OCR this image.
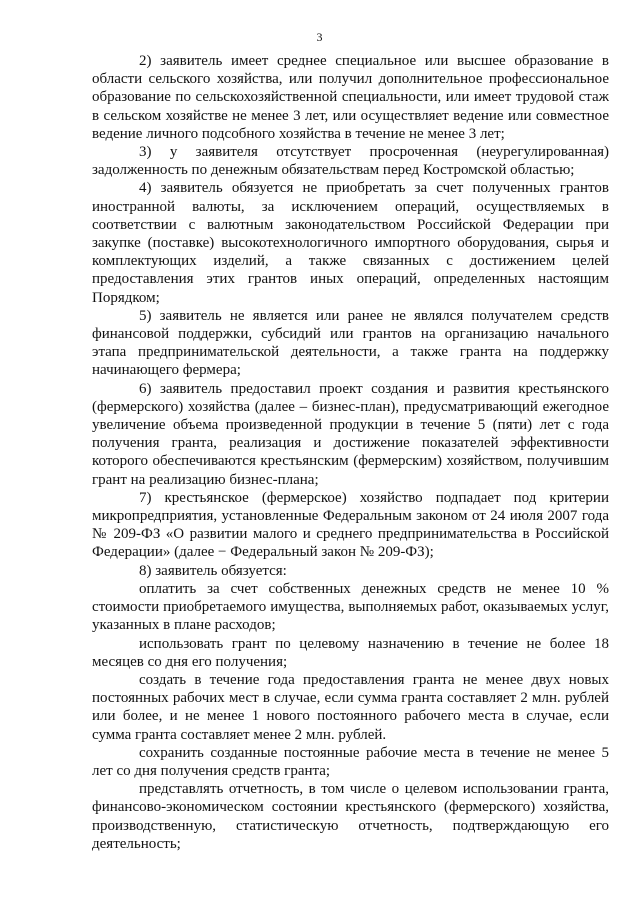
3

2) заявитель имеет среднее специальное или высшее образование в области сельского хозяйства, или получил дополнительное профессиональное образование по сельскохозяйственной специальности, или имеет трудовой стаж в сельском хозяйстве не менее 3 лет, или осуществляет ведение или совместное ведение личного подсобного хозяйства в течение не менее 3 лет;

3) у заявителя отсутствует просроченная (неурегулированная) задолженность по денежным обязательствам перед Костромской областью;

4) заявитель обязуется не приобретать за счет полученных грантов иностранной валюты, за исключением операций, осуществляемых в соответствии с валютным законодательством Российской Федерации при закупке (поставке) высокотехнологичного импортного оборудования, сырья и комплектующих изделий, а также связанных с достижением целей предоставления этих грантов иных операций, определенных настоящим Порядком;

5) заявитель не является или ранее не являлся получателем средств финансовой поддержки, субсидий или грантов на организацию начального этапа предпринимательской деятельности, а также гранта на поддержку начинающего фермера;

6) заявитель предоставил проект создания и развития крестьянского (фермерского) хозяйства (далее – бизнес-план), предусматривающий ежегодное увеличение объема произведенной продукции в течение 5 (пяти) лет с года получения гранта, реализация и достижение показателей эффективности которого обеспечиваются крестьянским (фермерским) хозяйством, получившим грант на реализацию бизнес-плана;

7) крестьянское (фермерское) хозяйство подпадает под критерии микропредприятия, установленные Федеральным законом от 24 июля 2007 года № 209-ФЗ «О развитии малого и среднего предпринимательства в Российской Федерации» (далее − Федеральный закон № 209-ФЗ);

8) заявитель обязуется:

оплатить за счет собственных денежных средств не менее 10 % стоимости приобретаемого имущества, выполняемых работ, оказываемых услуг, указанных в плане расходов;

использовать грант по целевому назначению в течение не более 18 месяцев со дня его получения;

создать в течение года предоставления гранта не менее двух новых постоянных рабочих мест в случае, если сумма гранта составляет 2 млн. рублей или более, и не менее 1 нового постоянного рабочего места в случае, если сумма гранта составляет менее 2 млн. рублей.

сохранить созданные постоянные рабочие места в течение не менее 5 лет со дня получения средств гранта;

представлять отчетность, в том числе о целевом использовании гранта, финансово-экономическом состоянии крестьянского (фермерского) хозяйства, производственную, статистическую отчетность, подтверждающую его деятельность;
